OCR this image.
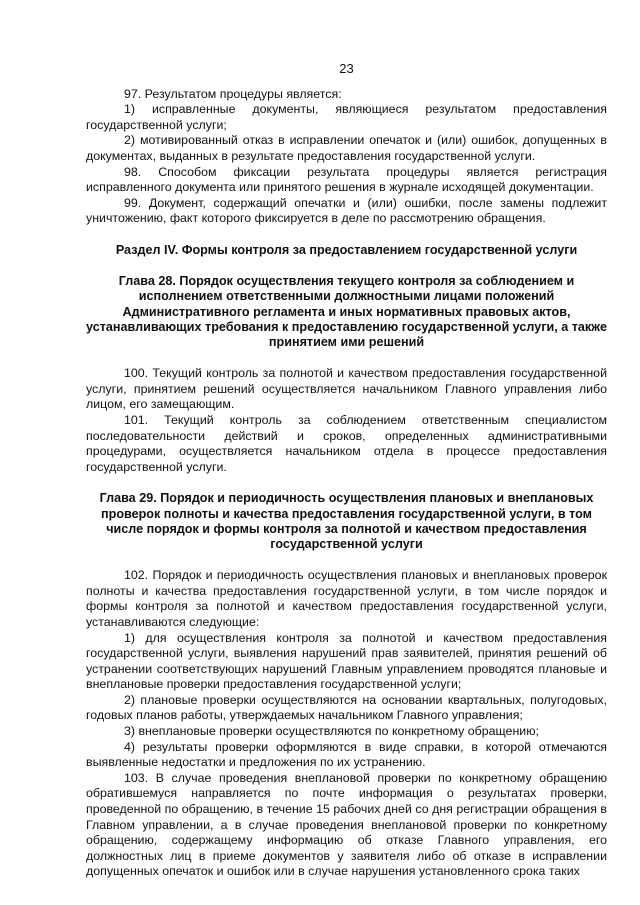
23

97. Результатом процедуры является:

1) исправленные документы, являющиеся результатом предоставления государственной услуги;

2) мотивированный отказ в исправлении опечаток и (или) ошибок, допущенных в документах, выданных в результате предоставления государственной услуги.

98. Способом фиксации результата процедуры является регистрация исправленного документа или принятого решения в журнале исходящей документации.

99. Документ, содержащий опечатки и (или) ошибки, после замены подлежит уничтожению, факт которого фиксируется в деле по рассмотрению обращения.

Раздел IV. Формы контроля за предоставлением государственной услуги
Глава 28. Порядок осуществления текущего контроля за соблюдением и исполнением ответственными должностными лицами положений Административного регламента и иных нормативных правовых актов, устанавливающих требования к предоставлению государственной услуги, а также принятием ими решений

100. Текущий контроль за полнотой и качеством предоставления государственной услуги, принятием решений осуществляется начальником Главного управления либо лицом, его замещающим.

101. Текущий контроль за соблюдением ответственным специалистом последовательности действий и сроков, определенных административными процедурами, осуществляется начальником отдела в процессе предоставления государственной услуги.

Глава 29. Порядок и периодичность осуществления плановых и внеплановых проверок полноты и качества предоставления государственной услуги, в том числе порядок и формы контроля за полнотой и качеством предоставления государственной услуги

102. Порядок и периодичность осуществления плановых и внеплановых проверок полноты и качества предоставления государственной услуги, в том числе порядок и формы контроля за полнотой и качеством предоставления государственной услуги, устанавливаются следующие:

1) для осуществления контроля за полнотой и качеством предоставления государственной услуги, выявления нарушений прав заявителей, принятия решений об устранении соответствующих нарушений Главным управлением проводятся плановые и внеплановые проверки предоставления государственной услуги;

2) плановые проверки осуществляются на основании квартальных, полугодовых, годовых планов работы, утверждаемых начальником Главного управления;

3) внеплановые проверки осуществляются по конкретному обращению;

4) результаты проверки оформляются в виде справки, в которой отмечаются выявленные недостатки и предложения по их устранению.

103. В случае проведения внеплановой проверки по конкретному обращению обратившемуся направляется по почте информация о результатах проверки, проведенной по обращению, в течение 15 рабочих дней со дня регистрации обращения в Главном управлении, а в случае проведения внеплановой проверки по конкретному обращению, содержащему информацию об отказе Главного управления, его должностных лиц в приеме документов у заявителя либо об отказе в исправлении допущенных опечаток и ошибок или в случае нарушения установленного срока таких
